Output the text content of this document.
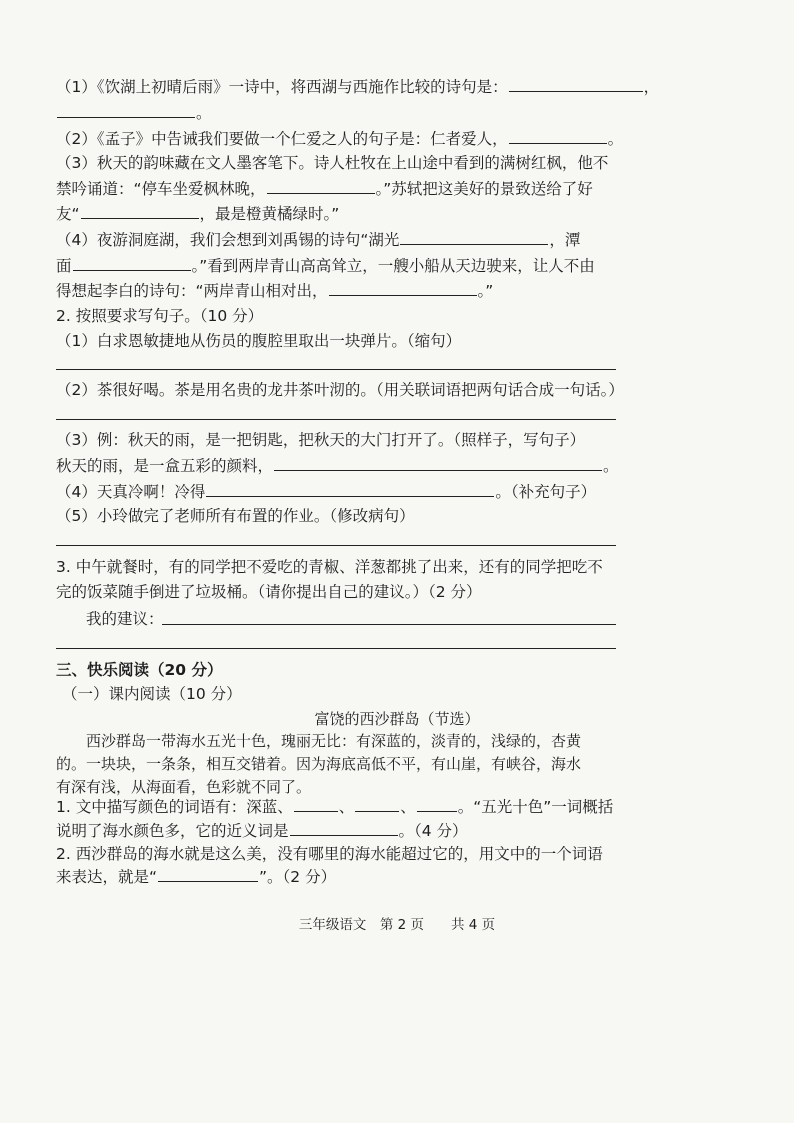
（1）《饮湖上初晴后雨》一诗中，将西湖与西施作比较的诗句是：	，
。
（2）《孟子》中告诫我们要做一个仁爱之人的句子是：仁者爱人，	。
（3）秋天的韵味藏在文人墨客笔下。诗人杜牧在上山途中看到的满树红枫，他不
禁吟诵道：“停车坐爱枫林晚，	。”苏轼把这美好的景致送给了好
友“	，最是橙黄橘绿时。”
（4）夜游洞庭湖，我们会想到刘禹锡的诗句“湖光	，潭
面	。”看到两岸青山高高耸立，一艘小船从天边驶来，让人不由
得想起李白的诗句：“两岸青山相对出，	。”
2. 按照要求写句子。（10 分）
（1）白求恩敏捷地从伤员的腹腔里取出一块弹片。（缩句）
（2）茶很好喝。茶是用名贵的龙井茶叶沏的。（用关联词语把两句话合成一句话。）
（3）例：秋天的雨，是一把钥匙，把秋天的大门打开了。（照样子，写句子）
秋天的雨，是一盒五彩的颜料，	。
（4）天真冷啊！冷得	。（补充句子）
（5）小玲做完了老师所有布置的作业。（修改病句）
3. 中午就餐时，有的同学把不爱吃的青椒、洋葱都挑了出来，还有的同学把吃不
完的饭菜随手倒进了垃圾桶。（请你提出自己的建议。）（2 分）
我的建议：
三、快乐阅读（20 分）
（一）课内阅读（10 分）
富饶的西沙群岛（节选）
西沙群岛一带海水五光十色，瑰丽无比：有深蓝的，淡青的，浅绿的，杏黄
的。一块块，一条条，相互交错着。因为海底高低不平，有山崖，有峡谷，海水
有深有浅，从海面看，色彩就不同了。
1. 文中描写颜色的词语有：深蓝、	、	、	。“五光十色”一词概括
说明了海水颜色多，它的近义词是	。（4 分）
2. 西沙群岛的海水就是这么美，没有哪里的海水能超过它的，用文中的一个词语
来表达，就是“	”。（2 分）
三年级语文　第 2 页　　共 4 页
